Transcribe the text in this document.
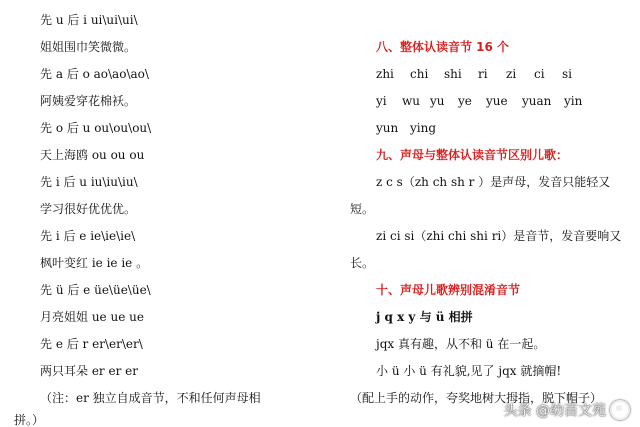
先 u 后 i ui\ui\ui\
姐姐围巾笑微微。
先 a 后 o ao\ao\ao\
阿姨爱穿花棉袄。
先 o 后 u ou\ou\ou\
天上海鸥 ou ou ou
先 i 后 u iu\iu\iu\
学习很好优优优。
先 i 后 e ie\ie\ie\
枫叶变红 ie ie ie 。
先 ü 后 e üe\üe\üe\
月亮姐姐 ue ue ue
先 e 后 r er\er\er\
两只耳朵 er er er
（注：er 独立自成音节，不和任何声母相
拼。）
八、整体认读音节 16 个
zhi chi shi ri zi ci si
yi wu yu ye yue yuan yin
yun ying
九、声母与整体认读音节区别儿歌：
z c s（zh ch sh r ）是声母，发音只能轻又
短。
zi ci si（zhi chi shi ri）是音节，发音要响又
长。
十、声母儿歌辨别混淆音节
j q x y 与 ü 相拼
jqx 真有趣，从不和 ü 在一起。
小 ü 小 ü 有礼貌,见了 jqx 就摘帽!
（配上手的动作，夸奖地树大拇指，脱下帽子）
头条 @幼苗文苑
